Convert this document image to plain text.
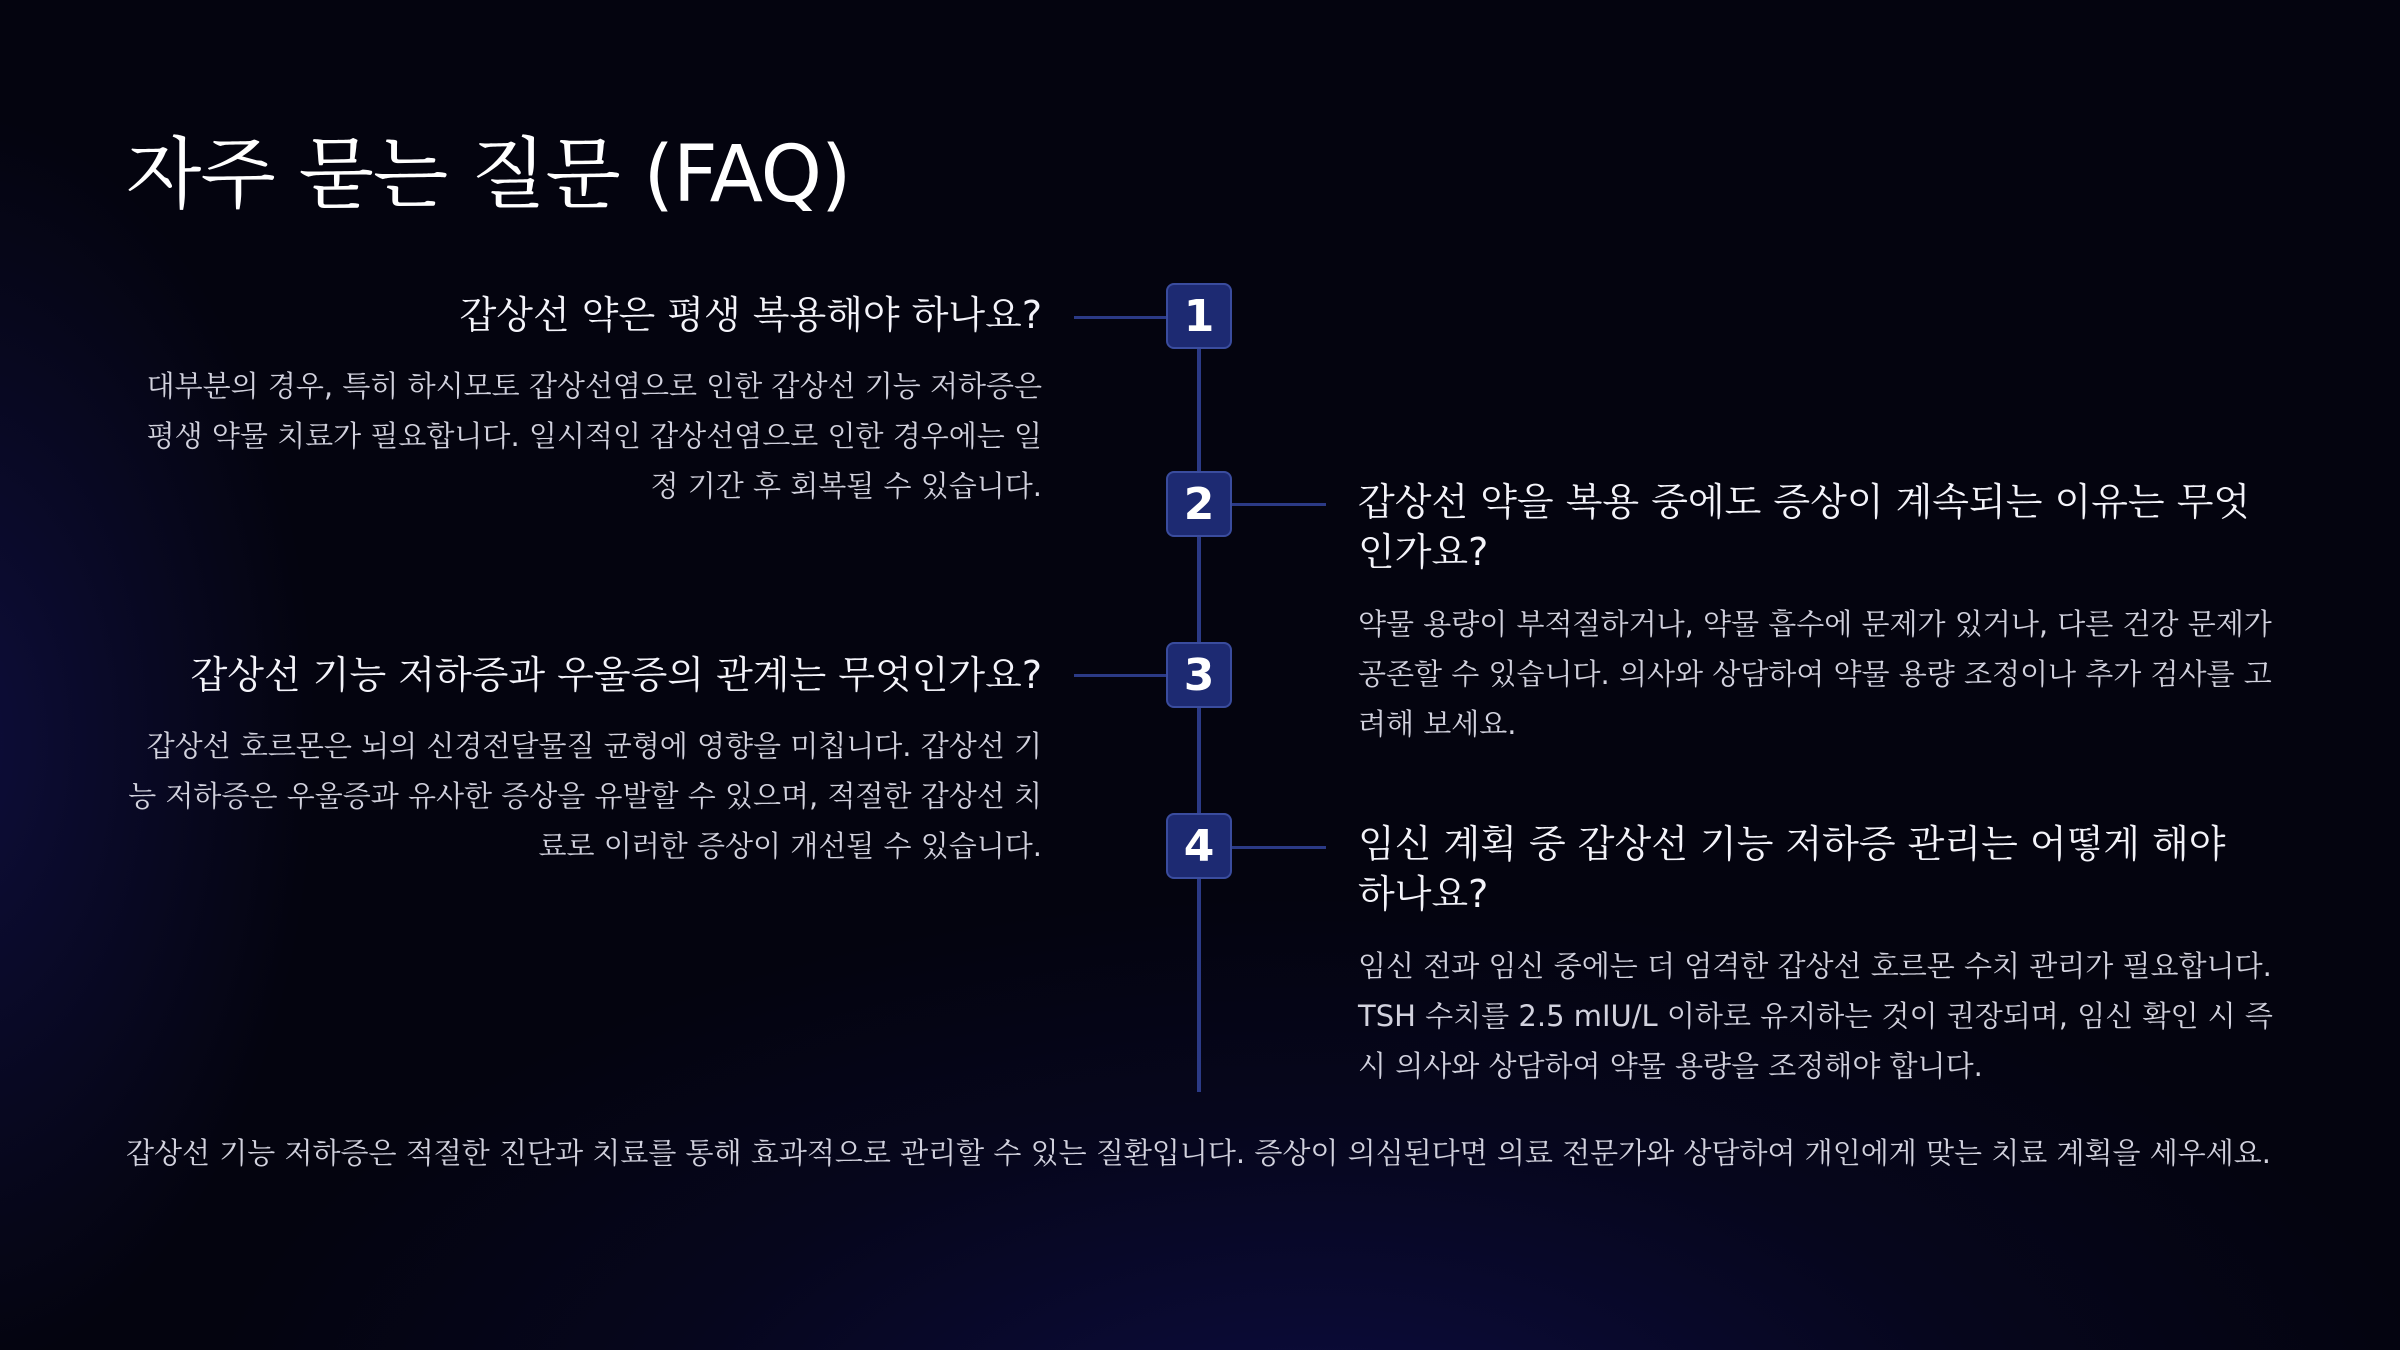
자주 묻는 질문 (FAQ)
1
갑상선 약은 평생 복용해야 하나요?

대부분의 경우, 특히 하시모토 갑상선염으로 인한 갑상선 기능 저하증은 평생 약물 치료가 필요합니다. 일시적인 갑상선염으로 인한 경우에는 일정 기간 후 회복될 수 있습니다.	2	갑상선 약을 복용 중에도 증상이 계속되는 이유는 무엇인가요?

약물 용량이 부적절하거나, 약물 흡수에 문제가 있거나, 다른 건강 문제가 공존할 수 있습니다. 의사와 상담하여 약물 용량 조정이나 추가 검사를 고려해 보세요.

3
갑상선 기능 저하증과 우울증의 관계는 무엇인가요?

갑상선 호르몬은 뇌의 신경전달물질 균형에 영향을 미칩니다. 갑상선 기능 저하증은 우울증과 유사한 증상을 유발할 수 있으며, 적절한 갑상선 치료로 이러한 증상이 개선될 수 있습니다.	4	임신 계획 중 갑상선 기능 저하증 관리는 어떻게 해야 하나요?

임신 전과 임신 중에는 더 엄격한 갑상선 호르몬 수치 관리가 필요합니다. TSH 수치를 2.5 mIU/L 이하로 유지하는 것이 권장되며, 임신 확인 시 즉시 의사와 상담하여 약물 용량을 조정해야 합니다.

갑상선 기능 저하증은 적절한 진단과 치료를 통해 효과적으로 관리할 수 있는 질환입니다. 증상이 의심된다면 의료 전문가와 상담하여 개인에게 맞는 치료 계획을 세우세요.
